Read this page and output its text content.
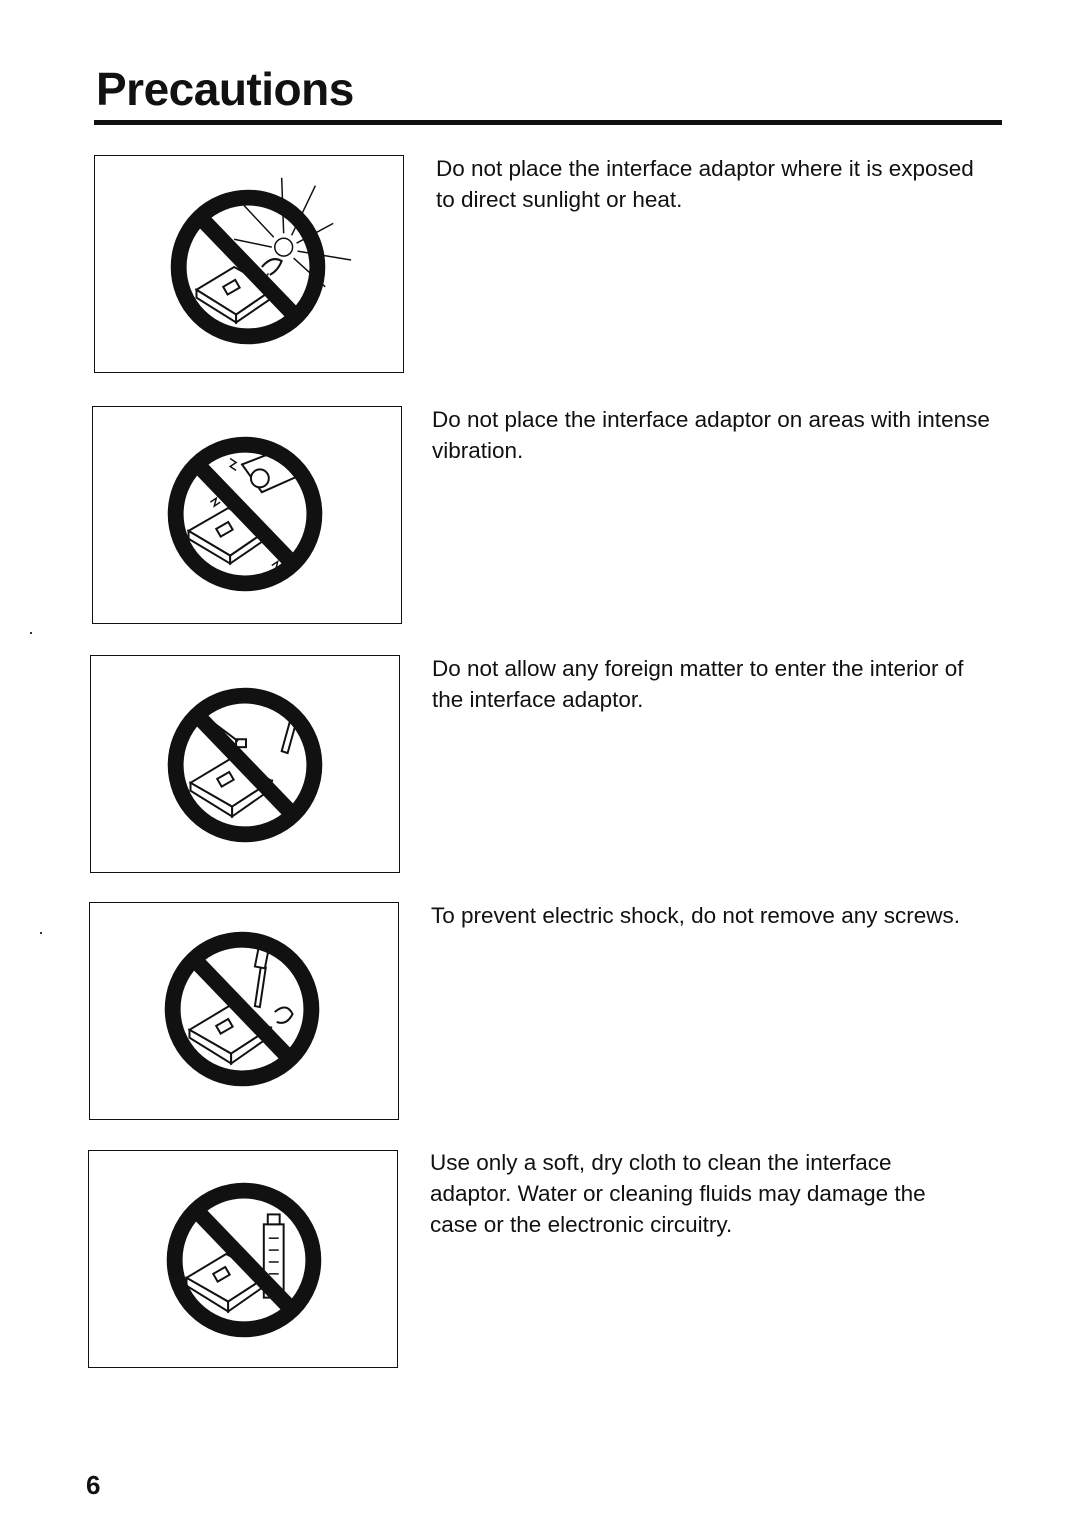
Precautions

Do not place the interface adaptor where it is exposed to direct sunlight or heat.

Do not place the interface adaptor on areas with intense vibration.

Do not allow any foreign matter to enter the interior of the interface adaptor.

To prevent electric shock, do not remove any screws.

Use only a soft, dry cloth to clean the interface adaptor. Water or cleaning fluids may damage the case or the electronic circuitry.

6
